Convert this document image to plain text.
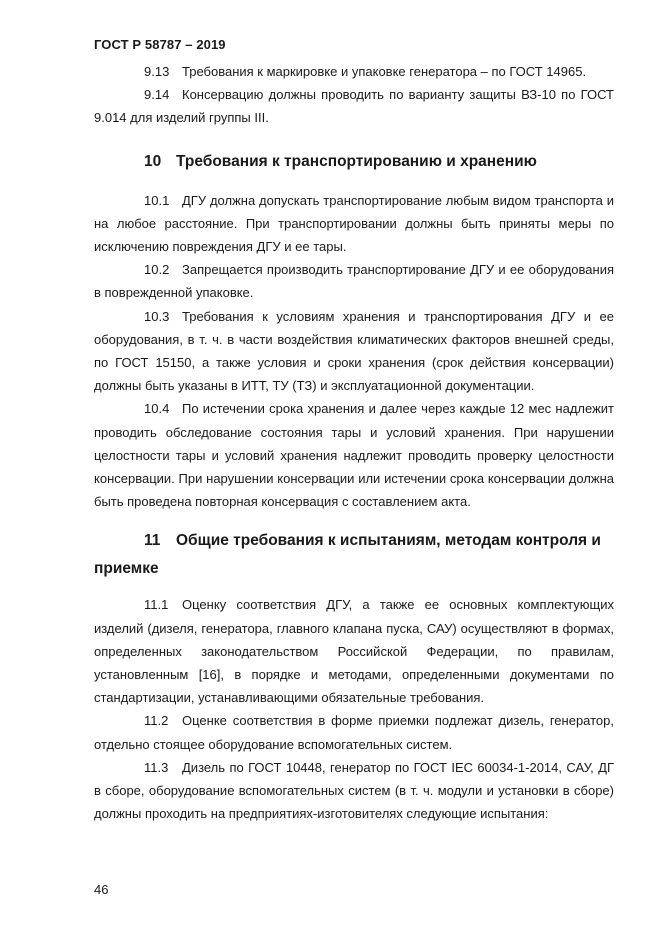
ГОСТ Р 58787 – 2019

9.13 Требования к маркировке и упаковке генератора – по ГОСТ 14965.

9.14 Консервацию должны проводить по варианту защиты ВЗ-10 по ГОСТ 9.014 для изделий группы III.

10 Требования к транспортированию и хранению

10.1 ДГУ должна допускать транспортирование любым видом транспорта и на любое расстояние. При транспортировании должны быть приняты меры по исключению повреждения ДГУ и ее тары.

10.2 Запрещается производить транспортирование ДГУ и ее оборудования в поврежденной упаковке.

10.3 Требования к условиям хранения и транспортирования ДГУ и ее оборудования, в т. ч. в части воздействия климатических факторов внешней среды, по ГОСТ 15150, а также условия и сроки хранения (срок действия консервации) должны быть указаны в ИТТ, ТУ (ТЗ) и эксплуатационной документации.

10.4 По истечении срока хранения и далее через каждые 12 мес надлежит проводить обследование состояния тары и условий хранения. При нарушении целостности тары и условий хранения надлежит проводить проверку целостности консервации. При нарушении консервации или истечении срока консервации должна быть проведена повторная консервация с составлением акта.

11 Общие требования к испытаниям, методам контроля и приемке

11.1 Оценку соответствия ДГУ, а также ее основных комплектующих изделий (дизеля, генератора, главного клапана пуска, САУ) осуществляют в формах, определенных законодательством Российской Федерации, по правилам, установленным [16], в порядке и методами, определенными документами по стандартизации, устанавливающими обязательные требования.

11.2 Оценке соответствия в форме приемки подлежат дизель, генератор, отдельно стоящее оборудование вспомогательных систем.

11.3 Дизель по ГОСТ 10448, генератор по ГОСТ IEC 60034-1-2014, САУ, ДГ в сборе, оборудование вспомогательных систем (в т. ч. модули и установки в сборе) должны проходить на предприятиях-изготовителях следующие испытания:

46
